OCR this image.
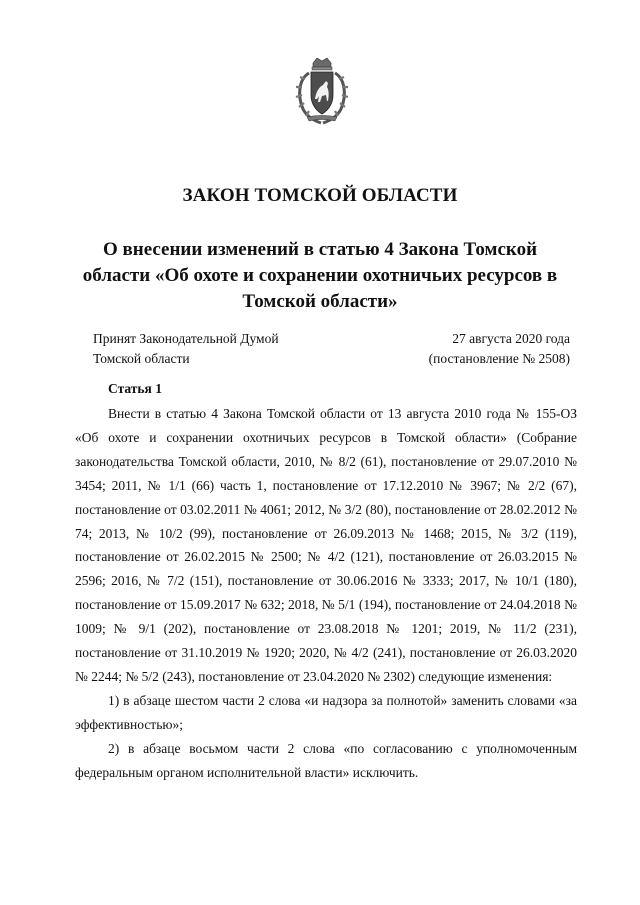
ЗАКОН ТОМСКОЙ ОБЛАСТИ
О внесении изменений в статью 4 Закона Томской области «Об охоте и сохранении охотничьих ресурсов в Томской области»
Принят Законодательной Думой
Томской области
27 августа 2020 года
(постановление № 2508)
Статья 1

Внести в статью 4 Закона Томской области от 13 августа 2010 года № 155-ОЗ «Об охоте и сохранении охотничьих ресурсов в Томской области» (Собрание законодательства Томской области, 2010, № 8/2 (61), постановление от 29.07.2010 № 3454; 2011, № 1/1 (66) часть 1, постановление от 17.12.2010 № 3967; № 2/2 (67), постановление от 03.02.2011 № 4061; 2012, № 3/2 (80), постановление от 28.02.2012 № 74; 2013, № 10/2 (99), постановление от 26.09.2013 № 1468; 2015, № 3/2 (119), постановление от 26.02.2015 № 2500; № 4/2 (121), постановление от 26.03.2015 № 2596; 2016, № 7/2 (151), постановление от 30.06.2016 № 3333; 2017, № 10/1 (180), постановление от 15.09.2017 № 632; 2018, № 5/1 (194), постановление от 24.04.2018 № 1009; № 9/1 (202), постановление от 23.08.2018 № 1201; 2019, № 11/2 (231), постановление от 31.10.2019 № 1920; 2020, № 4/2 (241), постановление от 26.03.2020 № 2244; № 5/2 (243), постановление от 23.04.2020 № 2302) следующие изменения:

1) в абзаце шестом части 2 слова «и надзора за полнотой» заменить словами «за эффективностью»;

2) в абзаце восьмом части 2 слова «по согласованию с уполномоченным федеральным органом исполнительной власти» исключить.
